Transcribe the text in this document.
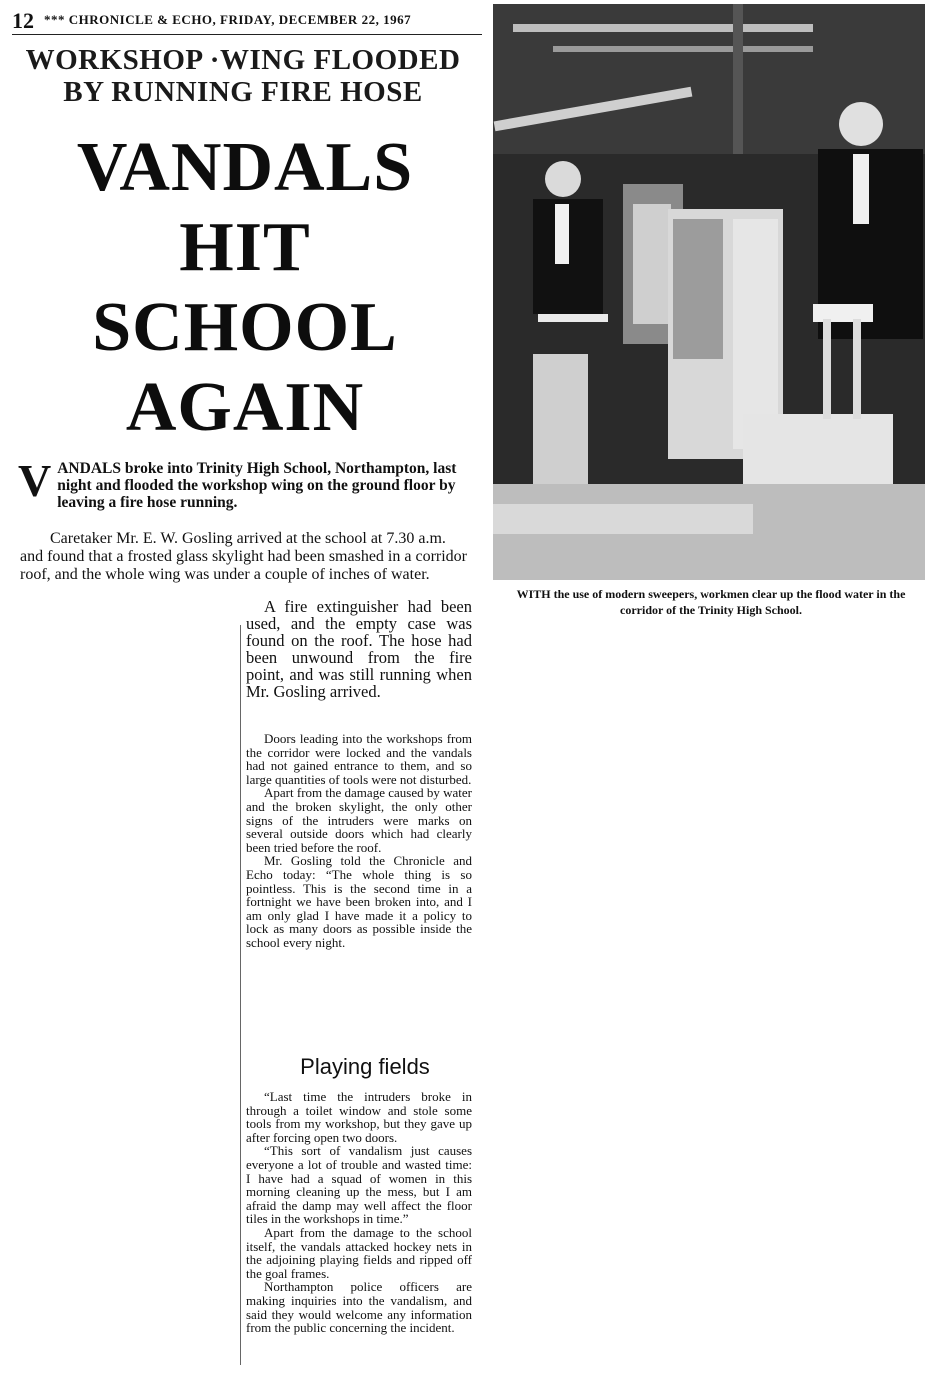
12 *** CHRONICLE & ECHO, FRIDAY, DECEMBER 22, 1967
WORKSHOP ·WING FLOODED
BY RUNNING FIRE HOSE
VANDALS
HIT
SCHOOL
AGAIN
V ANDALS broke into Trinity High School, Northampton, last night and flooded the workshop wing on the ground floor by leaving a fire hose running.
Caretaker Mr. E. W. Gosling arrived at the school at 7.30 a.m. and found that a frosted glass skylight had been smashed in a corridor roof, and the whole wing was under a couple of inches of water.

A fire extinguisher had been used, and the empty case was found on the roof. The hose had been unwound from the fire point, and was still running when Mr. Gosling arrived.

Doors leading into the workshops from the corridor were locked and the vandals had not gained entrance to them, and so large quantities of tools were not disturbed.

Apart from the damage caused by water and the broken skylight, the only other signs of the intruders were marks on several outside doors which had clearly been tried before the roof.

Mr. Gosling told the Chronicle and Echo today: “The whole thing is so pointless. This is the second time in a fortnight we have been broken into, and I am only glad I have made it a policy to lock as many doors as possible inside the school every night.

Playing fields

“Last time the intruders broke in through a toilet window and stole some tools from my workshop, but they gave up after forcing open two doors.

“This sort of vandalism just causes everyone a lot of trouble and wasted time: I have had a squad of women in this morning cleaning up the mess, but I am afraid the damp may well affect the floor tiles in the workshops in time.”

Apart from the damage to the school itself, the vandals attacked hockey nets in the adjoining playing fields and ripped off the goal frames.

Northampton police officers are making inquiries into the vandalism, and said they would welcome any information from the public concerning the incident.

WITH the use of modern sweepers, workmen clear up the flood water in the corridor of the Trinity High School.
